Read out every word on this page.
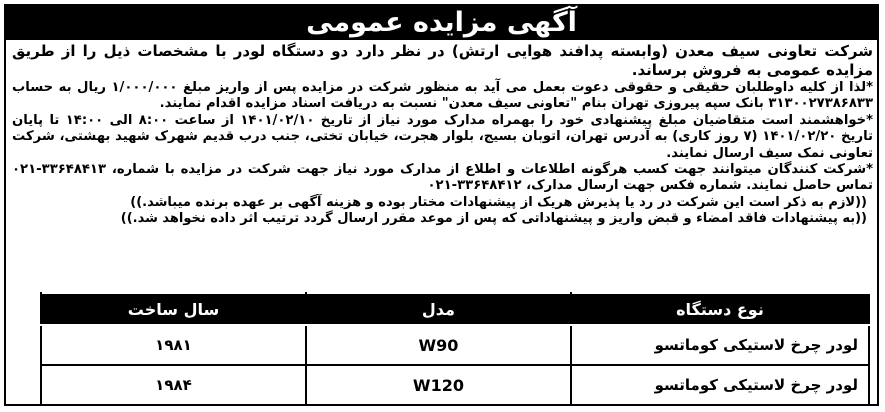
آگهی مزایده عمومی

شرکت تعاونی سیف معدن (وابسته پدافند هوایی ارتش) در نظر دارد دو دستگاه لودر با مشخصات ذیل را از طریق مزایده عمومی به فروش برساند.

*لذا از کلیه داوطلبان حقیقی و حقوقی دعوت بعمل می آید به منظور شرکت در مزایده پس از واریز مبلغ ۱/۰۰۰/۰۰۰ ریال به حساب ۳۱۳۰۰۲۷۳۸۶۸۳۳ بانک سپه پیروزی تهران بنام "تعاونی سیف معدن" نسبت به دریافت اسناد مزایده اقدام نمایند.

*خواهشمند است متقاضیان مبلغ پیشنهادی خود را بهمراه مدارک مورد نیاز از تاریخ ۱۴۰۱/۰۲/۱۰ از ساعت ۸:۰۰ الی ۱۴:۰۰ تا پایان تاریخ ۱۴۰۱/۰۲/۲۰ (۷ روز کاری) به آدرس تهران، اتوبان بسیج، بلوار هجرت، خیابان تختی، جنب درب قدیم شهرک شهید بهشتی، شرکت تعاونی نمک سیف ارسال نمایند.

*شرکت کنندگان میتوانند جهت کسب هرگونه اطلاعات و اطلاع از مدارک مورد نیاز جهت شرکت در مزایده با شماره، ۳۳۶۴۸۴۱۳-۰۲۱ تماس حاصل نمایند. شماره فکس جهت ارسال مدارک، ۳۳۶۴۸۴۱۲-۰۲۱

((لازم به ذکر است این شرکت در رد یا پذیرش هریک از پیشنهادات مختار بوده و هزینه آگهی بر عهده برنده میباشد.))

((به پیشنهادات فاقد امضاء و قبض واریز و پیشنهاداتی که پس از موعد مقرر ارسال گردد ترتیب اثر داده نخواهد شد.))

نوع دستگاه	مدل	سال ساخت
لودر چرخ لاستیکی کوماتسو	W90	۱۹۸۱
لودر چرخ لاستیکی کوماتسو	W120	۱۹۸۴
